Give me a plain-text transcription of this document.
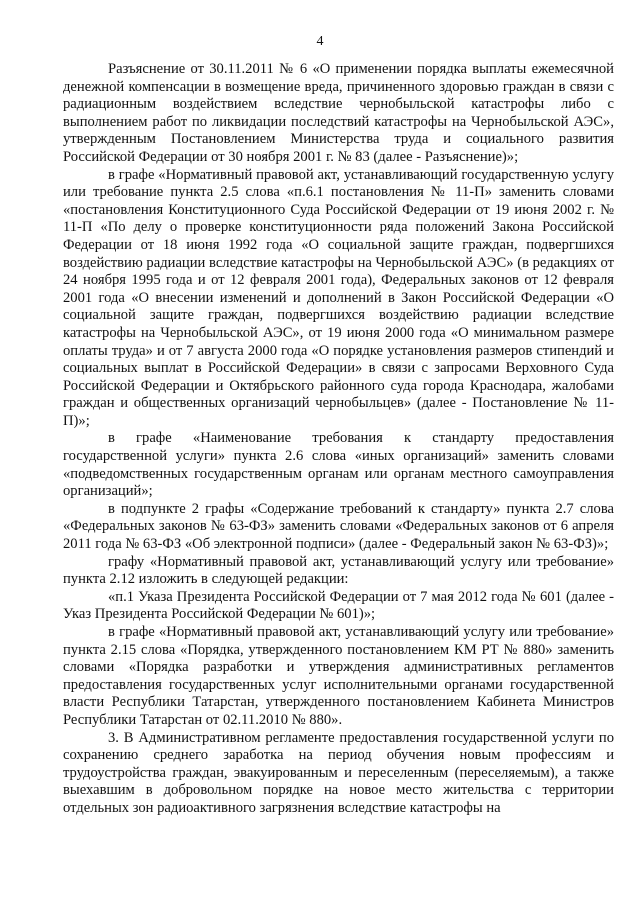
4

Разъяснение от 30.11.2011 № 6 «О применении порядка выплаты ежемесячной денежной компенсации в возмещение вреда, причиненного здоровью граждан в связи с радиационным воздействием вследствие чернобыльской катастрофы либо с выполнением работ по ликвидации последствий катастрофы на Чернобыльской АЭС», утвержденным Постановлением Министерства труда и социального развития Российской Федерации от 30 ноября 2001 г. № 83 (далее - Разъяснение)»;

в графе «Нормативный правовой акт, устанавливающий государственную услугу или требование пункта 2.5 слова «п.6.1 постановления № 11-П» заменить словами «постановления Конституционного Суда Российской Федерации от 19 июня 2002 г. № 11-П «По делу о проверке конституционности ряда положений Закона Российской Федерации от 18 июня 1992 года «О социальной защите граждан, подвергшихся воздействию радиации вследствие катастрофы на Чернобыльской АЭС» (в редакциях от 24 ноября 1995 года и от 12 февраля 2001 года), Федеральных законов от 12 февраля 2001 года «О внесении изменений и дополнений в Закон Российской Федерации «О социальной защите граждан, подвергшихся воздействию радиации вследствие катастрофы на Чернобыльской АЭС», от 19 июня 2000 года «О минимальном размере оплаты труда» и от 7 августа 2000 года «О порядке установления размеров стипендий и социальных выплат в Российской Федерации» в связи с запросами Верховного Суда Российской Федерации и Октябрьского районного суда города Краснодара, жалобами граждан и общественных организаций чернобыльцев» (далее - Постановление № 11-П)»;

в графе «Наименование требования к стандарту предоставления государственной услуги» пункта 2.6 слова «иных организаций» заменить словами «подведомственных государственным органам или органам местного самоуправления организаций»;

в подпункте 2 графы «Содержание требований к стандарту» пункта 2.7 слова «Федеральных законов № 63-ФЗ» заменить словами «Федеральных законов от 6 апреля 2011 года № 63-ФЗ «Об электронной подписи» (далее - Федеральный закон № 63-ФЗ)»;

графу «Нормативный правовой акт, устанавливающий услугу или требование» пункта 2.12 изложить в следующей редакции:

«п.1 Указа Президента Российской Федерации от 7 мая 2012 года № 601 (далее - Указ Президента Российской Федерации № 601)»;

в графе «Нормативный правовой акт, устанавливающий услугу или требование» пункта 2.15 слова «Порядка, утвержденного постановлением КМ РТ № 880» заменить словами «Порядка разработки и утверждения административных регламентов предоставления государственных услуг исполнительными органами государственной власти Республики Татарстан, утвержденного постановлением Кабинета Министров Республики Татарстан от 02.11.2010 № 880».

3. В Административном регламенте предоставления государственной услуги по сохранению среднего заработка на период обучения новым профессиям и трудоустройства граждан, эвакуированным и переселенным (переселяемым), а также выехавшим в добровольном порядке на новое место жительства с территории отдельных зон радиоактивного загрязнения вследствие катастрофы на
